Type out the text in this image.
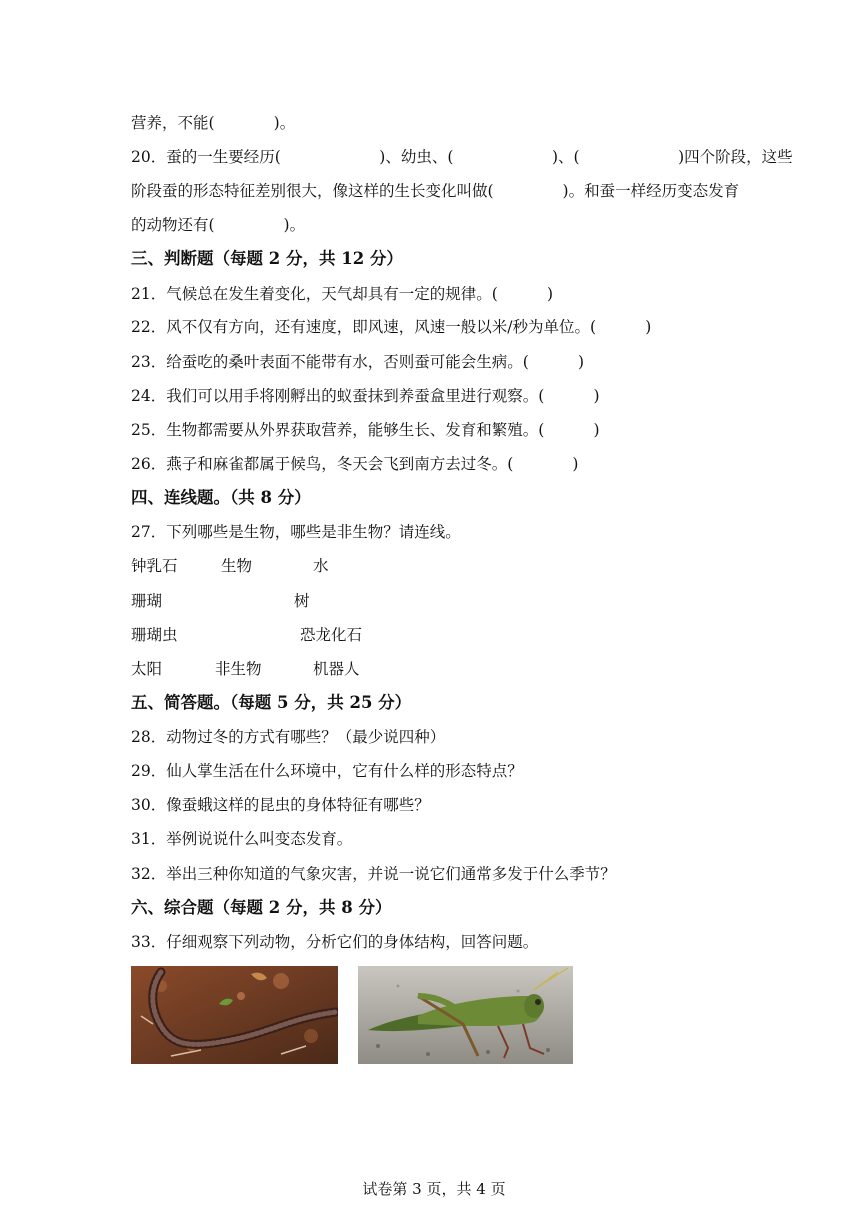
营养，不能(            )。
20．蚕的一生要经历(                    )、幼虫、(                    )、(                    )四个阶段，这些
阶段蚕的形态特征差别很大，像这样的生长变化叫做(              )。和蚕一样经历变态发育
的动物还有(              )。
三、判断题（每题 2 分，共 12 分）
21．气候总在发生着变化，天气却具有一定的规律。(          )
22．风不仅有方向，还有速度，即风速，风速一般以米/秒为单位。(          )
23．给蚕吃的桑叶表面不能带有水，否则蚕可能会生病。(          )
24．我们可以用手将刚孵出的蚁蚕抹到养蚕盒里进行观察。(          )
25．生物都需要从外界获取营养，能够生长、发育和繁殖。(          )
26．燕子和麻雀都属于候鸟，冬天会飞到南方去过冬。(            )
四、连线题。（共 8 分）
27．下列哪些是生物，哪些是非生物？请连线。
钟乳石	生物	水
珊瑚	树
珊瑚虫	恐龙化石
太阳	非生物	机器人
五、简答题。（每题 5 分，共 25 分）
28．动物过冬的方式有哪些？（最少说四种）
29．仙人掌生活在什么环境中，它有什么样的形态特点？
30．像蚕蛾这样的昆虫的身体特征有哪些？
31．举例说说什么叫变态发育。
32．举出三种你知道的气象灾害，并说一说它们通常多发于什么季节？
六、综合题（每题 2 分，共 8 分）
33．仔细观察下列动物，分析它们的身体结构，回答问题。
试卷第 3 页，共 4 页
